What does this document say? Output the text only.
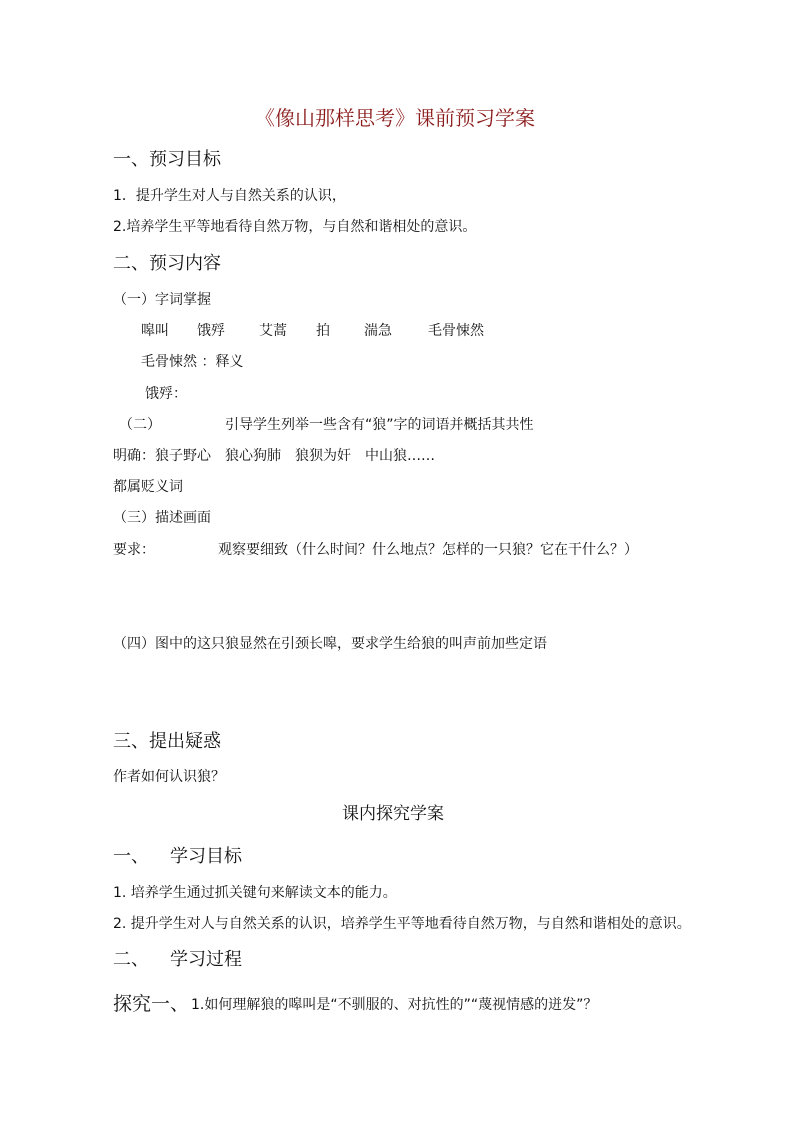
《像山那样思考》课前预习学案
一、预习目标
1．提升学生对人与自然关系的认识，
2.培养学生平等地看待自然万物，与自然和谐相处的意识。
二、预习内容
（一）字词掌握
嗥叫 饿殍 艾蒿 拍 湍急	毛骨悚然
毛骨悚然 ：释义
饿殍：
（二）	引导学生列举一些含有“狼”字的词语并概括其共性
明确：狼子野心　狼心狗肺　狼狈为奸　中山狼……
都属贬义词
（三）描述画面
要求：	观察要细致（什么时间？什么地点？怎样的一只狼？它在干什么？）
（四）图中的这只狼显然在引颈长嗥，要求学生给狼的叫声前加些定语
三、提出疑惑
作者如何认识狼？
课内探究学案
一、 学习目标
1. 培养学生通过抓关键句来解读文本的能力。
2. 提升学生对人与自然关系的认识，培养学生平等地看待自然万物，与自然和谐相处的意识。
二、 学习过程
探究一、 1.如何理解狼的嗥叫是“不驯服的、对抗性的”“蔑视情感的迸发”？
